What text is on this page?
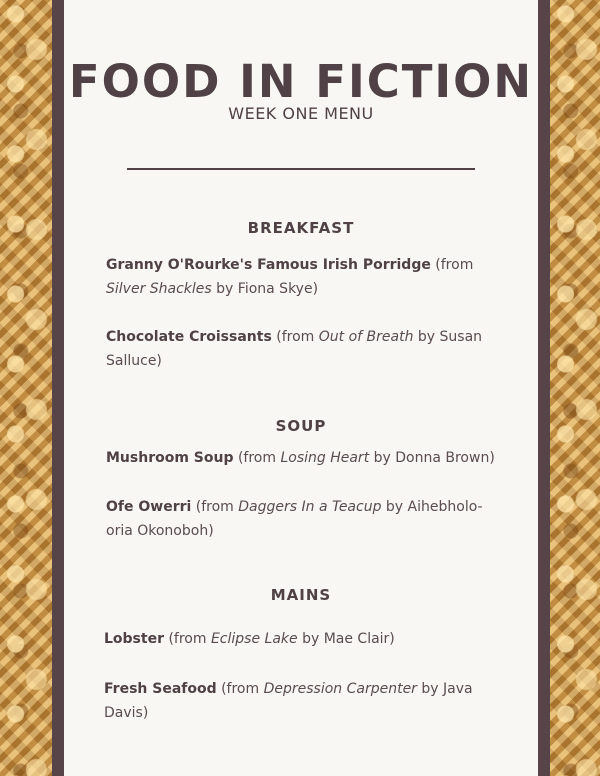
FOOD IN FICTION
WEEK ONE MENU
BREAKFAST

Granny O'Rourke's Famous Irish Porridge (from Silver Shackles by Fiona Skye)

Chocolate Croissants (from Out of Breath by Susan Salluce)

SOUP

Mushroom Soup (from Losing Heart by Donna Brown)

Ofe Owerri (from Daggers In a Teacup by Aihebholo-oria Okonoboh)

MAINS

Lobster (from Eclipse Lake by Mae Clair)

Fresh Seafood (from Depression Carpenter by Java Davis)
